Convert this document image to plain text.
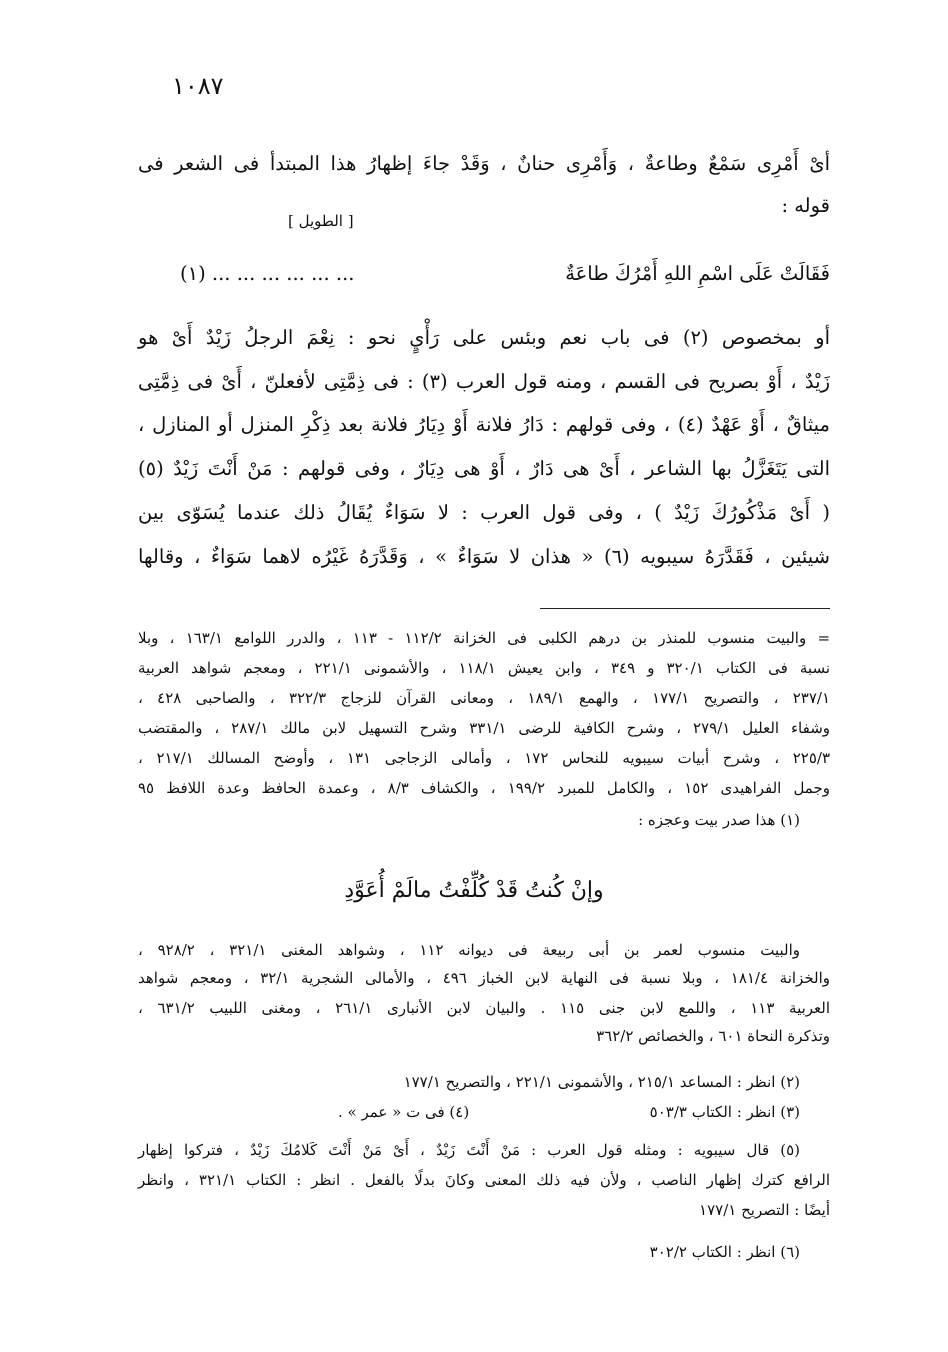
١٠٨٧
أىْ أَمْرِى سَمْعٌ وطاعةٌ ، وَأَمْرِى حنانٌ ، وَقَدْ جاءَ إظهارُ هذا المبتدأ فى الشعر فى
قوله :
[ الطويل ]
فَقَالَتْ عَلَى اسْمِ اللهِ أَمْرُكَ طاعَةٌ
... ... ... ... ... ... (١)
أو بمخصوص (٢) فى باب نعم وبئس على رَأْيٍ نحو : نِعْمَ الرجلُ زَيْدٌ أَىْ هو
زَيْدٌ ، أَوْ بصريح فى القسم ، ومنه قول العرب (٣) : فى ذِمَّتِى لأفعلنّ ، أَىْ فى ذِمَّتِى
ميثاقٌ ، أَوْ عَهْدٌ (٤) ، وفى قولهم : دَارُ فلانة أَوْ دِيَارُ فلانة بعد ذِكْرِ المنزل أو المنازل ،
التى يَتَغَزَّلُ بها الشاعر ، أَىْ هى دَارٌ ، أَوْ هى دِيَارٌ ، وفى قولهم : مَنْ أَنْتَ زَيْدٌ (٥)
( أَىْ مَذْكُورُكَ زَيْدٌ ) ، وفى قول العرب : لا سَوَاءٌ يُقَالُ ذلك عندما يُسَوّى بين
شيئين ، فَقَدَّرَهُ سيبويه (٦) « هذان لا سَوَاءٌ » ، وَقَدَّرَهُ غَيْرُه لاهما سَوَاءٌ ، وقالها
= والبيت منسوب للمنذر بن درهم الكلبى فى الخزانة ١١٢/٢ - ١١٣ ، والدرر اللوامع ١٦٣/١ ، وبلا
نسبة فى الكتاب ٣٢٠/١ و ٣٤٩ ، وابن يعيش ١١٨/١ ، والأشمونى ٢٢١/١ ، ومعجم شواهد العربية
٢٣٧/١ ، والتصريح ١٧٧/١ ، والهمع ١٨٩/١ ، ومعانى القرآن للزجاج ٣٢٢/٣ ، والصاحبى ٤٢٨ ،
وشفاء العليل ٢٧٩/١ ، وشرح الكافية للرضى ٣٣١/١ وشرح التسهيل لابن مالك ٢٨٧/١ ، والمقتضب
٢٢٥/٣ ، وشرح أبيات سيبويه للنحاس ١٧٢ ، وأمالى الزجاجى ١٣١ ، وأوضح المسالك ٢١٧/١ ،
وجمل الفراهيدى ١٥٢ ، والكامل للمبرد ١٩٩/٢ ، والكشاف ٨/٣ ، وعمدة الحافظ وعدة اللافظ ٩٥
(١) هذا صدر بيت وعجزه :
والبيت منسوب لعمر بن أبى ربيعة فى ديوانه ١١٢ ، وشواهد المغنى ٣٢١/١ ، ٩٢٨/٢ ،
والخزانة ١٨١/٤ ، وبلا نسبة فى النهاية لابن الخباز ٤٩٦ ، والأمالى الشجرية ٣٢/١ ، ومعجم شواهد
العربية ١١٣ ، واللمع لابن جنى ١١٥ . والبيان لابن الأنبارى ٢٦١/١ ، ومغنى اللبيب ٦٣١/٢ ،
وتذكرة النحاة ٦٠١ ، والخصائص ٣٦٢/٢
(٢) انظر : المساعد ٢١٥/١ ، والأشمونى ٢٢١/١ ، والتصريح ١٧٧/١
(٣) انظر : الكتاب ٥٠٣/٣
(٤) فى ت « عمر » .
(٥) قال سيبويه : ومثله قول العرب : مَنْ أَنْتَ زَيْدٌ ، أَىْ مَنْ أَنْتَ كَلامُكَ زَيْدٌ ، فتركوا إظهار
الرافع كترك إظهار الناصب ، ولأن فيه ذلك المعنى وكانَ بدلًا بالفعل . انظر : الكتاب ٣٢١/١ ، وانظر
أيضًا : التصريح ١٧٧/١
(٦) انظر : الكتاب ٣٠٢/٢
وإنْ كُنتُ قَدْ كُلِّفْتُ مالَمْ أُعَوَّدِ
